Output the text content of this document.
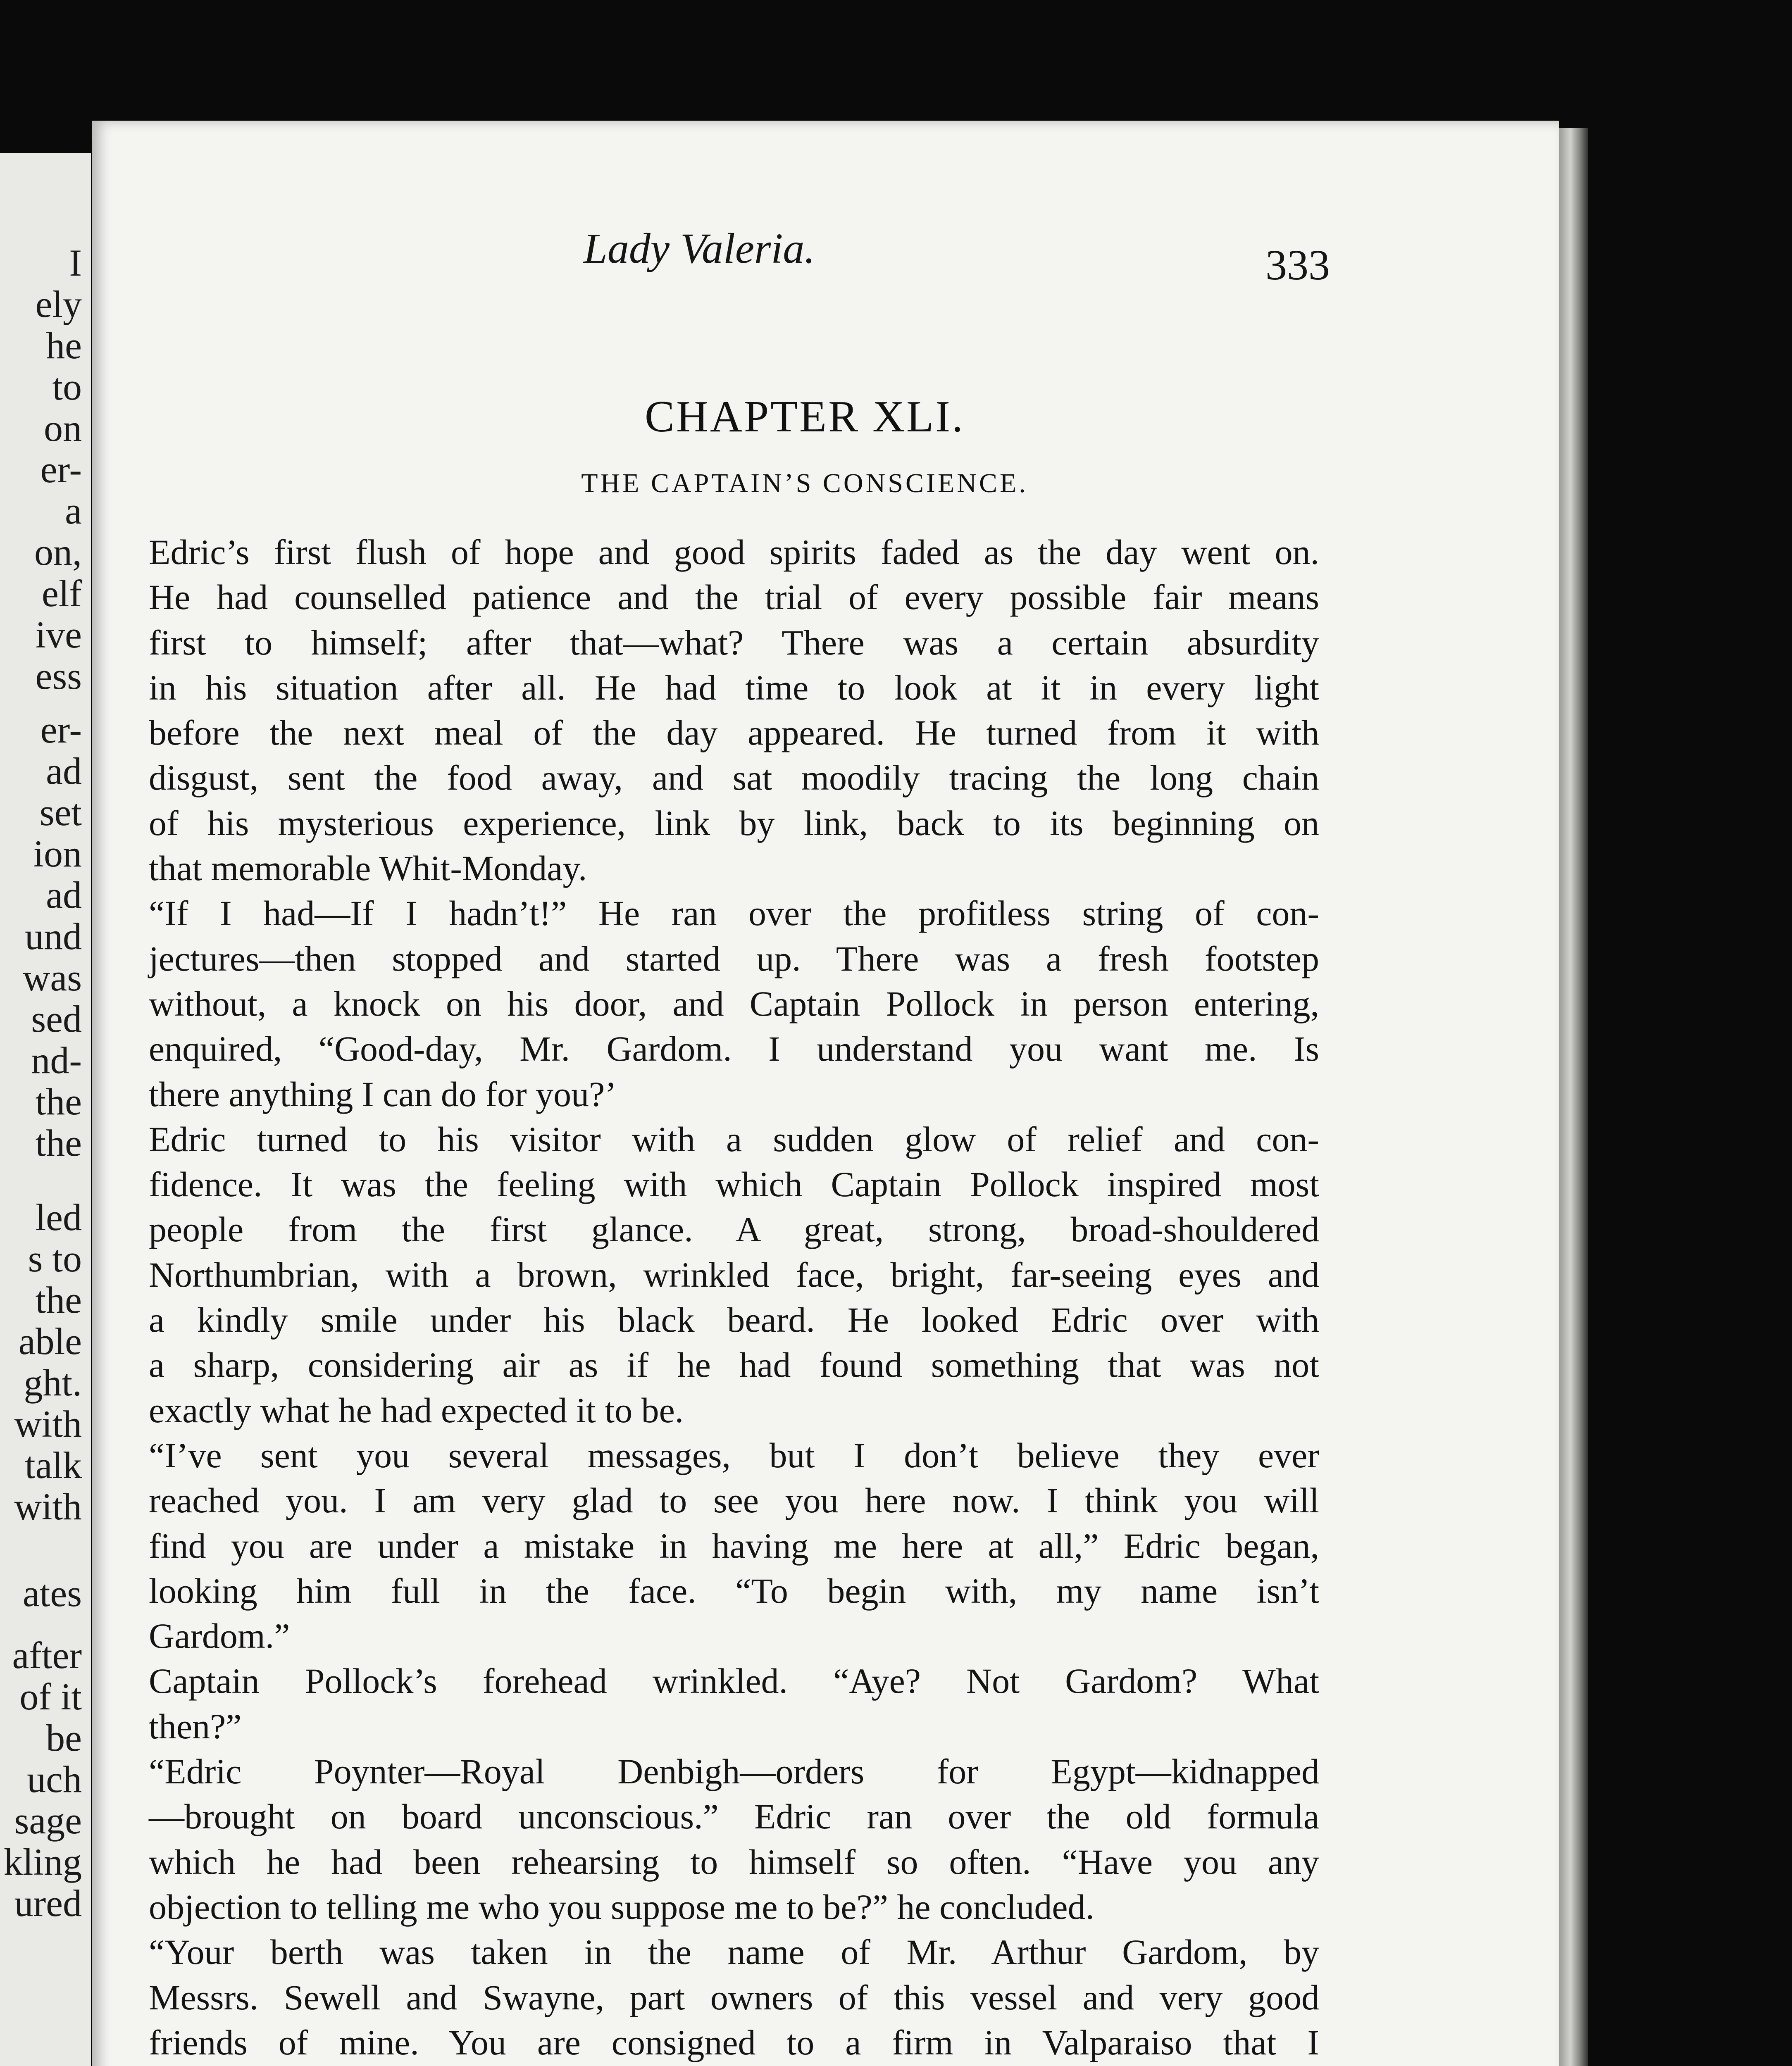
I
ely
he
to
on
er-
a
on,
elf
ive
ess
er-
ad
set
ion
ad
und
was
sed
nd-
the
the
led
s to
the
able
ght.
with
talk
with
ates
after
of it
be
uch
sage
kling
ured
Lady Valeria.	333
CHAPTER XLI.
THE CAPTAIN’S CONSCIENCE.
Edric’s first flush of hope and good spirits faded as the day went on.
He had counselled patience and the trial of every possible fair means
first to himself; after that—what? There was a certain absurdity
in his situation after all. He had time to look at it in every light
before the next meal of the day appeared. He turned from it with
disgust, sent the food away, and sat moodily tracing the long chain
of his mysterious experience, link by link, back to its beginning on
that memorable Whit-Monday.
“If I had—If I hadn’t!” He ran over the profitless string of con-
jectures—then stopped and started up. There was a fresh footstep
without, a knock on his door, and Captain Pollock in person entering,
enquired, “Good-day, Mr. Gardom. I understand you want me. Is
there anything I can do for you?’
Edric turned to his visitor with a sudden glow of relief and con-
fidence. It was the feeling with which Captain Pollock inspired most
people from the first glance. A great, strong, broad-shouldered
Northumbrian, with a brown, wrinkled face, bright, far-seeing eyes and
a kindly smile under his black beard. He looked Edric over with
a sharp, considering air as if he had found something that was not
exactly what he had expected it to be.
“I’ve sent you several messages, but I don’t believe they ever
reached you. I am very glad to see you here now. I think you will
find you are under a mistake in having me here at all,” Edric began,
looking him full in the face. “To begin with, my name isn’t
Gardom.”
Captain Pollock’s forehead wrinkled. “Aye? Not Gardom? What
then?”
“Edric Poynter—Royal Denbigh—orders for Egypt—kidnapped
—brought on board unconscious.” Edric ran over the old formula
which he had been rehearsing to himself so often. “Have you any
objection to telling me who you suppose me to be?” he concluded.
“Your berth was taken in the name of Mr. Arthur Gardom, by
Messrs. Sewell and Swayne, part owners of this vessel and very good
friends of mine. You are consigned to a firm in Valparaiso that I
